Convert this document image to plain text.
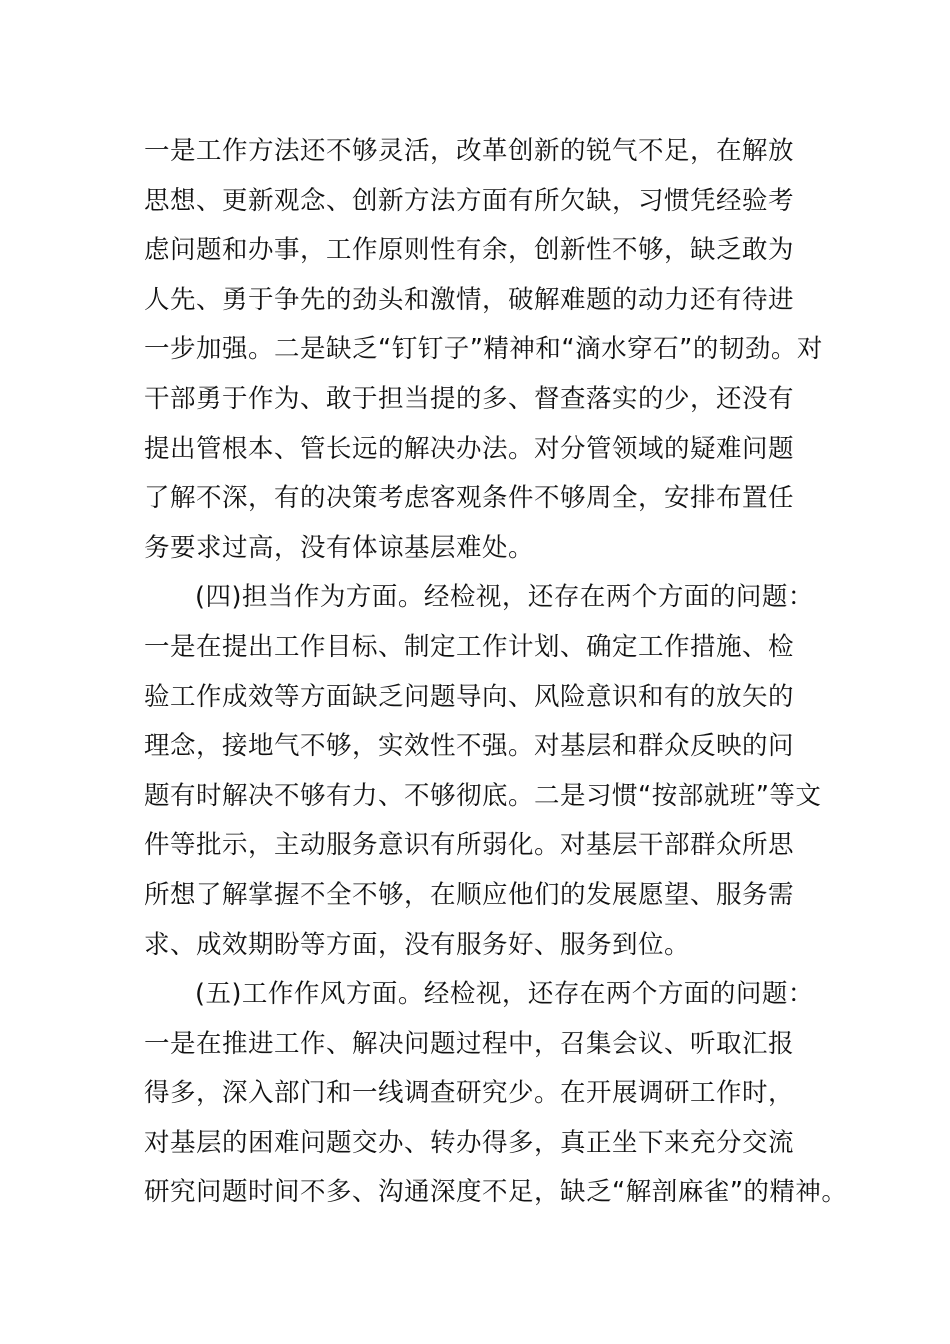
一是工作方法还不够灵活，改革创新的锐气不足，在解放
思想、更新观念、创新方法方面有所欠缺，习惯凭经验考
虑问题和办事，工作原则性有余，创新性不够，缺乏敢为
人先、勇于争先的劲头和激情，破解难题的动力还有待进
一步加强。二是缺乏“钉钉子”精神和“滴水穿石”的韧劲。对
干部勇于作为、敢于担当提的多、督查落实的少，还没有
提出管根本、管长远的解决办法。对分管领域的疑难问题
了解不深，有的决策考虑客观条件不够周全，安排布置任
务要求过高，没有体谅基层难处。
(四)担当作为方面。经检视，还存在两个方面的问题：
一是在提出工作目标、制定工作计划、确定工作措施、检
验工作成效等方面缺乏问题导向、风险意识和有的放矢的
理念，接地气不够，实效性不强。对基层和群众反映的问
题有时解决不够有力、不够彻底。二是习惯“按部就班”等文
件等批示，主动服务意识有所弱化。对基层干部群众所思
所想了解掌握不全不够，在顺应他们的发展愿望、服务需
求、成效期盼等方面，没有服务好、服务到位。
(五)工作作风方面。经检视，还存在两个方面的问题：
一是在推进工作、解决问题过程中，召集会议、听取汇报
得多，深入部门和一线调查研究少。在开展调研工作时，
对基层的困难问题交办、转办得多，真正坐下来充分交流
研究问题时间不多、沟通深度不足，缺乏“解剖麻雀”的精神。
